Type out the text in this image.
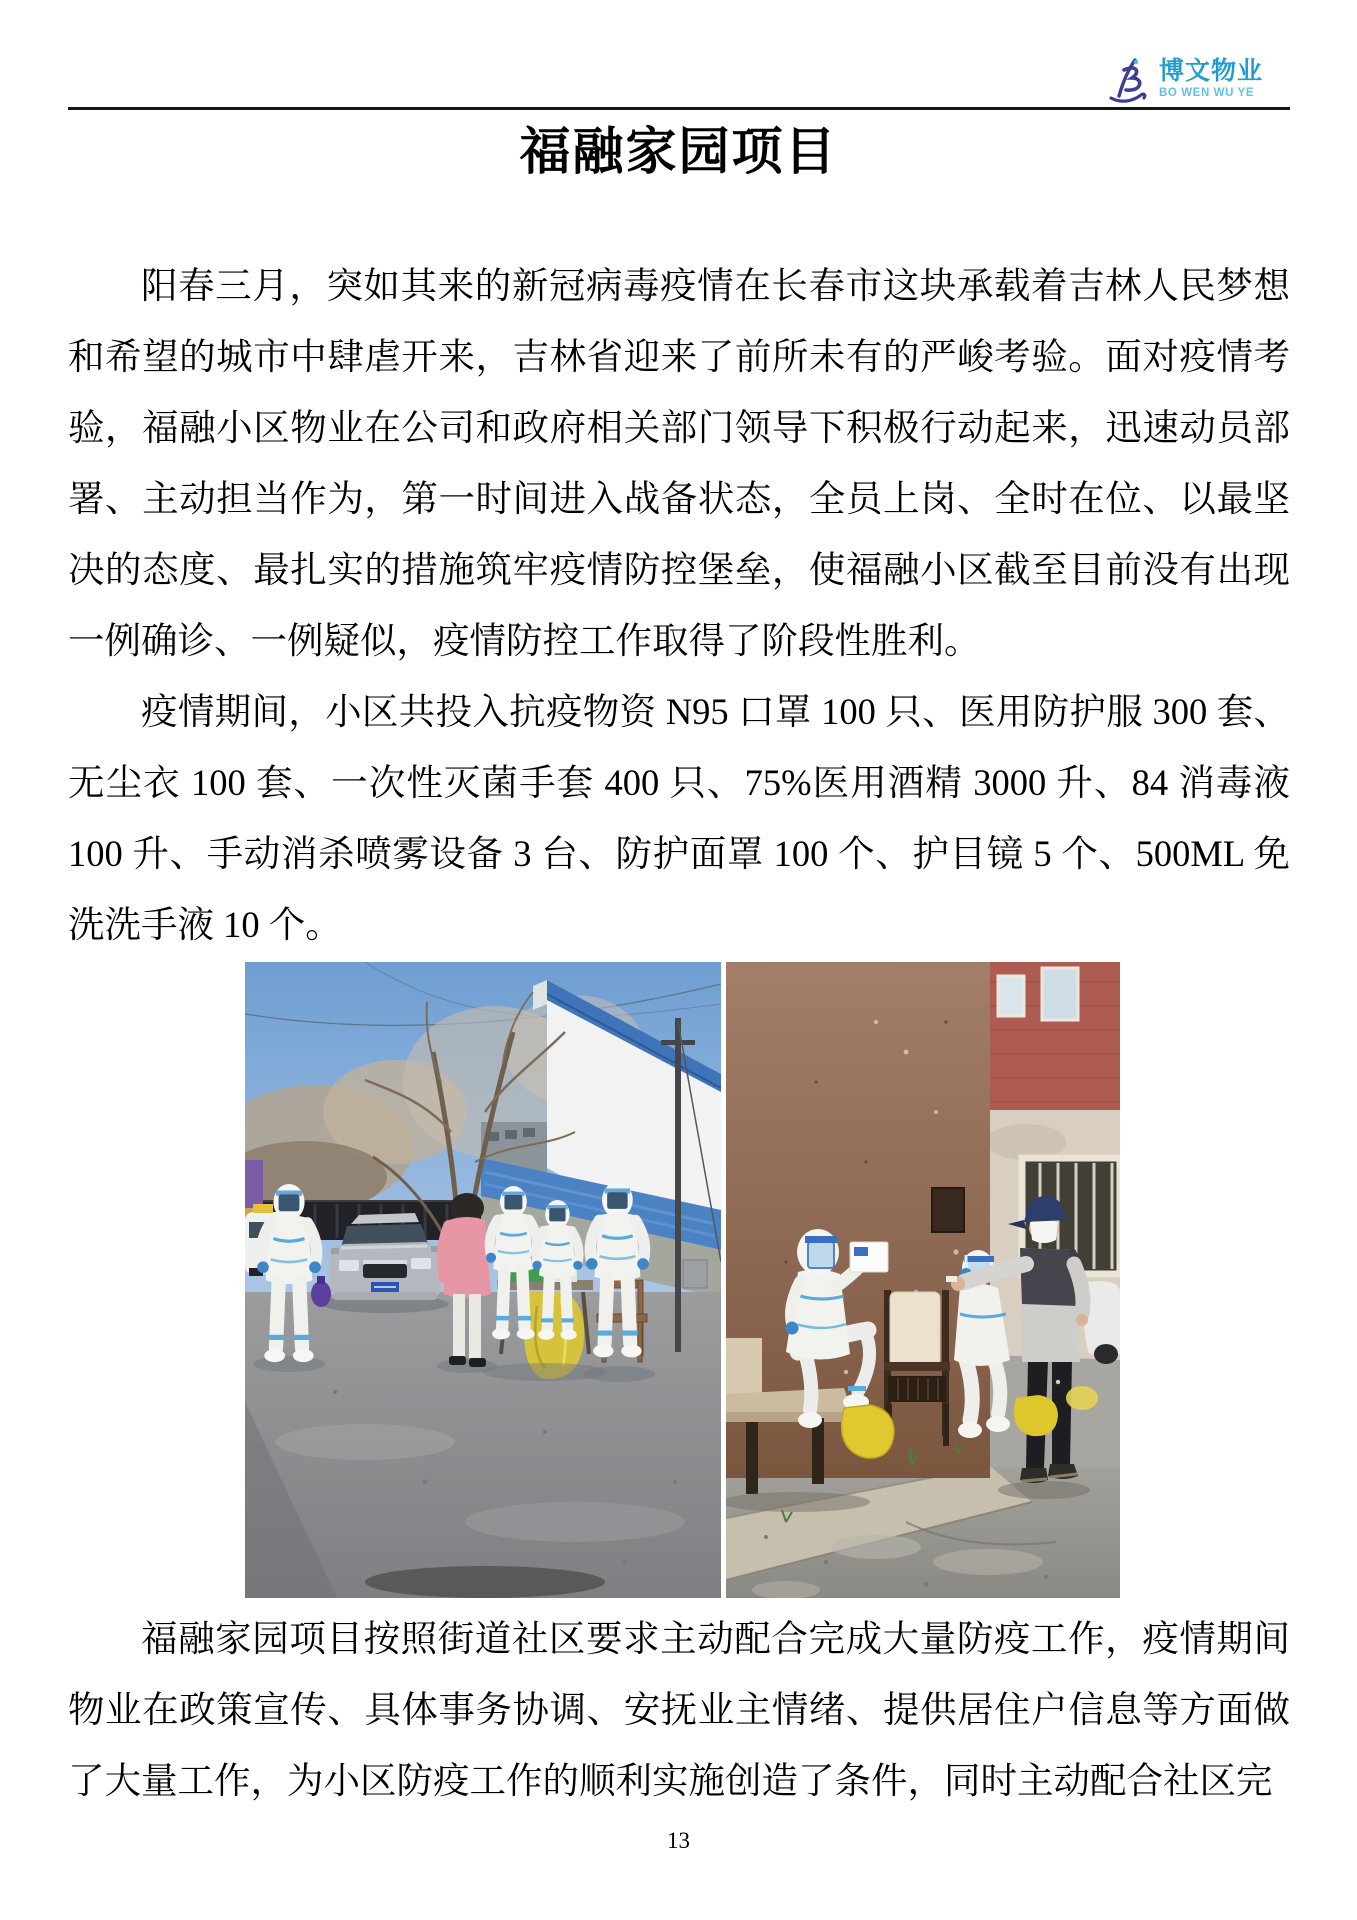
博文物业
BO WEN WU YE
福融家园项目

阳春三月，突如其来的新冠病毒疫情在长春市这块承载着吉林人民梦想和希望的城市中肆虐开来，吉林省迎来了前所未有的严峻考验。面对疫情考验，福融小区物业在公司和政府相关部门领导下积极行动起来，迅速动员部署、主动担当作为，第一时间进入战备状态，全员上岗、全时在位、以最坚决的态度、最扎实的措施筑牢疫情防控堡垒，使福融小区截至目前没有出现一例确诊、一例疑似，疫情防控工作取得了阶段性胜利。

疫情期间，小区共投入抗疫物资 N95 口罩 100 只、医用防护服 300 套、无尘衣 100 套、一次性灭菌手套 400 只、75%医用酒精 3000 升、84 消毒液 100 升、手动消杀喷雾设备 3 台、防护面罩 100 个、护目镜 5 个、500ML 免洗洗手液 10 个。

福融家园项目按照街道社区要求主动配合完成大量防疫工作，疫情期间物业在政策宣传、具体事务协调、安抚业主情绪、提供居住户信息等方面做了大量工作，为小区防疫工作的顺利实施创造了条件，同时主动配合社区完

13
